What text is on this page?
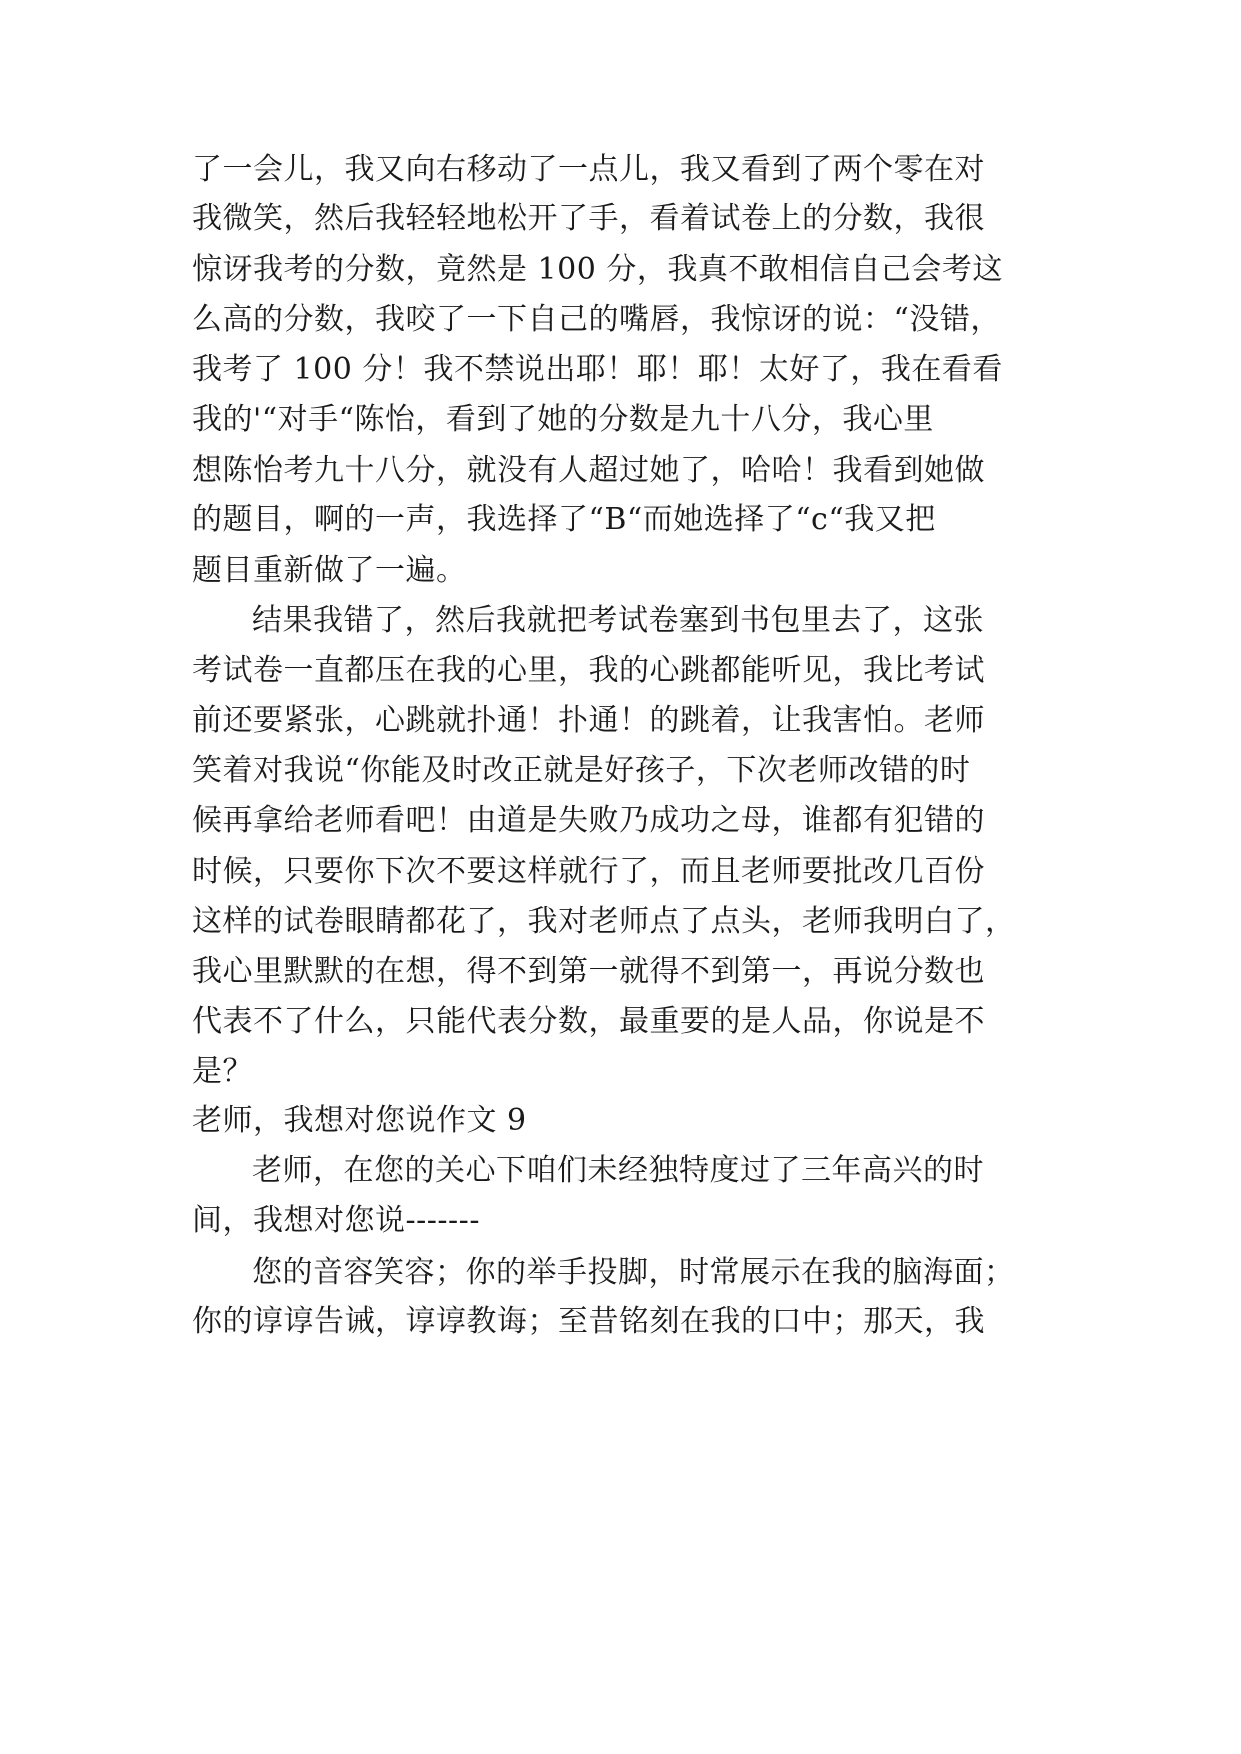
了一会儿，我又向右移动了一点儿，我又看到了两个零在对

我微笑，然后我轻轻地松开了手，看着试卷上的分数，我很

惊讶我考的分数，竟然是 100 分，我真不敢相信自己会考这

么高的分数，我咬了一下自己的嘴唇，我惊讶的说：“没错，

我考了 100 分！我不禁说出耶！耶！耶！太好了，我在看看

我的'“对手“陈怡，看到了她的分数是九十八分，我心里

想陈怡考九十八分，就没有人超过她了，哈哈！我看到她做

的题目，啊的一声，我选择了“B“而她选择了“c“我又把

题目重新做了一遍。

结果我错了，然后我就把考试卷塞到书包里去了，这张

考试卷一直都压在我的心里，我的心跳都能听见，我比考试

前还要紧张，心跳就扑通！扑通！的跳着，让我害怕。老师

笑着对我说“你能及时改正就是好孩子，下次老师改错的时

候再拿给老师看吧！由道是失败乃成功之母，谁都有犯错的

时候，只要你下次不要这样就行了，而且老师要批改几百份

这样的试卷眼睛都花了，我对老师点了点头，老师我明白了，

我心里默默的在想，得不到第一就得不到第一，再说分数也

代表不了什么，只能代表分数，最重要的是人品，你说是不

是？

老师，我想对您说作文 9

老师，在您的关心下咱们未经独特度过了三年高兴的时

间，我想对您说-------

您的音容笑容；你的举手投脚，时常展示在我的脑海面；

你的谆谆告诫，谆谆教诲；至昔铭刻在我的口中；那天，我
